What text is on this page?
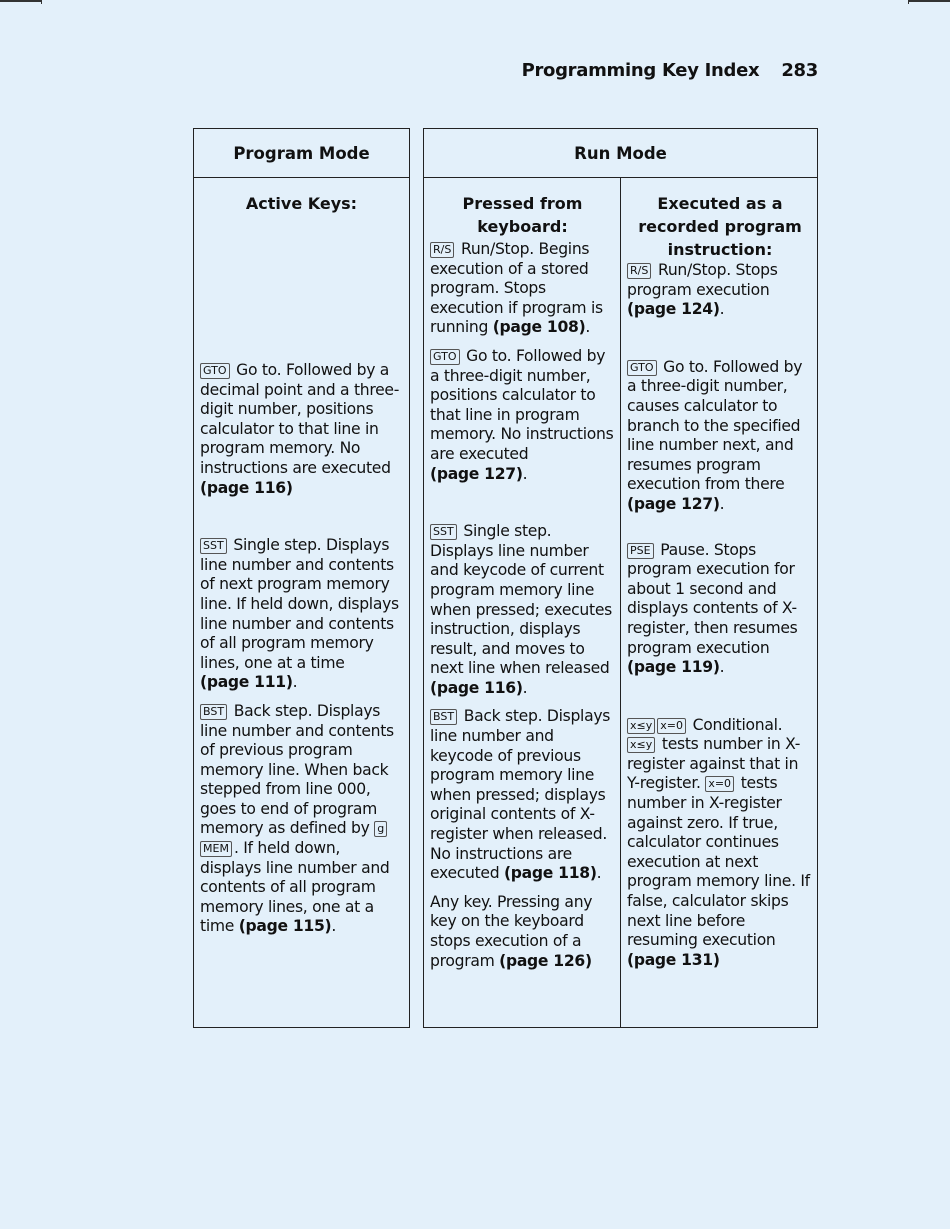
Programming Key Index 283
Program Mode
Active Keys:
GTO Go to. Followed by a decimal point and a three-digit number, positions calculator to that line in program memory. No instructions are executed (page 116)
SST Single step. Displays line number and contents of next program memory line. If held down, displays line number and contents of all program memory lines, one at a time (page 111).
BST Back step. Displays line number and contents of previous program memory line. When back stepped from line 000, goes to end of program memory as defined by gMEM . If held down, displays line number and contents of all program memory lines, one at a time (page 115).
Run Mode
Pressed from keyboard:
R/S Run/Stop. Begins execution of a stored program. Stops execution if program is running (page 108).
GTO Go to. Followed by a three-digit number, positions calculator to that line in program memory. No instructions are executed
(page 127).
SST Single step. Displays line number and keycode of current program memory line when pressed; executes instruction, displays result, and moves to next line when released
(page 116).
BST Back step. Displays line number and keycode of previous program memory line when pressed; displays original contents of X-register when released. No instructions are executed (page 118).
Any key. Pressing any key on the keyboard stops execution of a program (page 126)
Executed as a recorded program instruction:
R/S Run/Stop. Stops program execution
(page 124).
GTO Go to. Followed by a three-digit number, causes calculator to branch to the specified line number next, and resumes program execution from there
(page 127).
PSE Pause. Stops program execution for about 1 second and displays contents of X-register, then resumes program execution
(page 119).
x≤y x=0 Conditional. x≤y tests number in X-register against that in Y-register. x=0 tests number in X-register against zero. If true, calculator continues execution at next program memory line. If false, calculator skips next line before resuming execution
(page 131)
